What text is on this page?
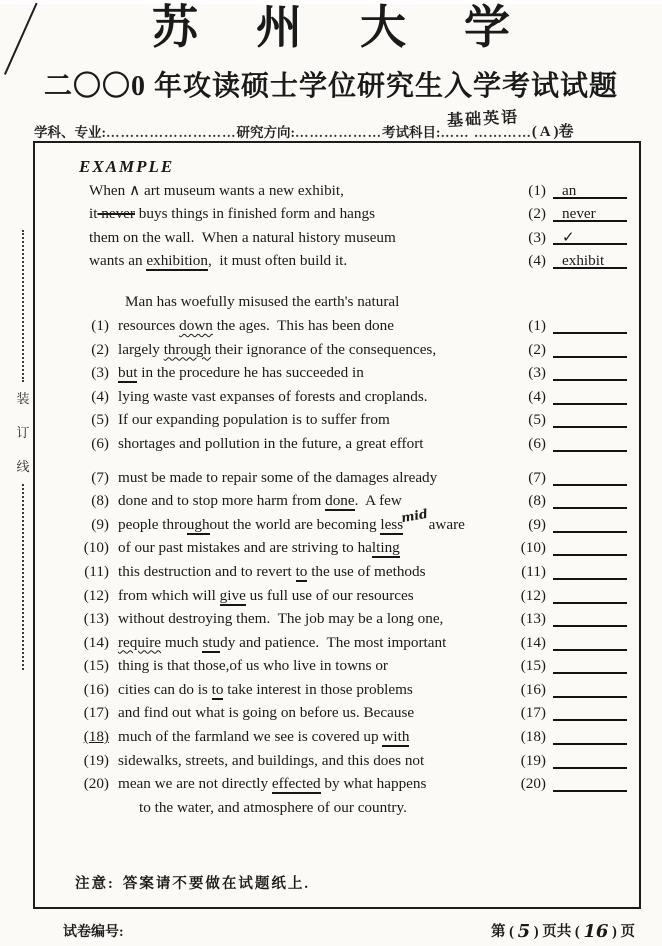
苏州大学
二〇〇0 年攻读硕士学位研究生入学考试试题
学科、专业: ……………………… 研究方向: ……………… 考试科目:
基础英语
…… ………… ( A )卷
装
订
线
EXAMPLE
When ∧ art museum wants a new exhibit,	(1)	an
it never buys things in finished form and hangs	(2)	never
them on the wall.  When a natural history museum	(3)	✓
wants an exhibition,  it must often build it.	(4)	exhibit
Man has woefully misused the earth's natural
(1) resources down the ages.  This has been done	(1)

(2) largely through their ignorance of the consequences,	(2)

(3) but in the procedure he has succeeded in	(3)

(4) lying waste vast expanses of forests and croplands.	(4)

(5) If our expanding population is to suffer from	(5)

(6) shortages and pollution in the future, a great effort	(6)

(7) must be made to repair some of the damages already	(7)

(8) done and to stop more harm from done.  A few	(8)

(9) people throughout the world are becoming lessmid aware	(9)

(10) of our past mistakes and are striving to halting	(10)

(11) this destruction and to revert to the use of methods	(11)

(12) from which will give us full use of our resources	(12)

(13) without destroying them.  The job may be a long one,	(13)

(14) require much study and patience.  The most important	(14)

(15) thing is that those,of us who live in towns or	(15)

(16) cities can do is to take interest in those problems	(16)

(17) and find out what is going on before us. Because	(17)

(18) much of the farmland we see is covered up with	(18)

(19) sidewalks, streets, and buildings, and this does not	(19)

(20) mean we are not directly effected by what happens	(20)

to the water, and atmosphere of our country.
注意: 答案请不要做在试题纸上.
试卷编号:	第 ( 5 ) 页共 ( 16 ) 页
